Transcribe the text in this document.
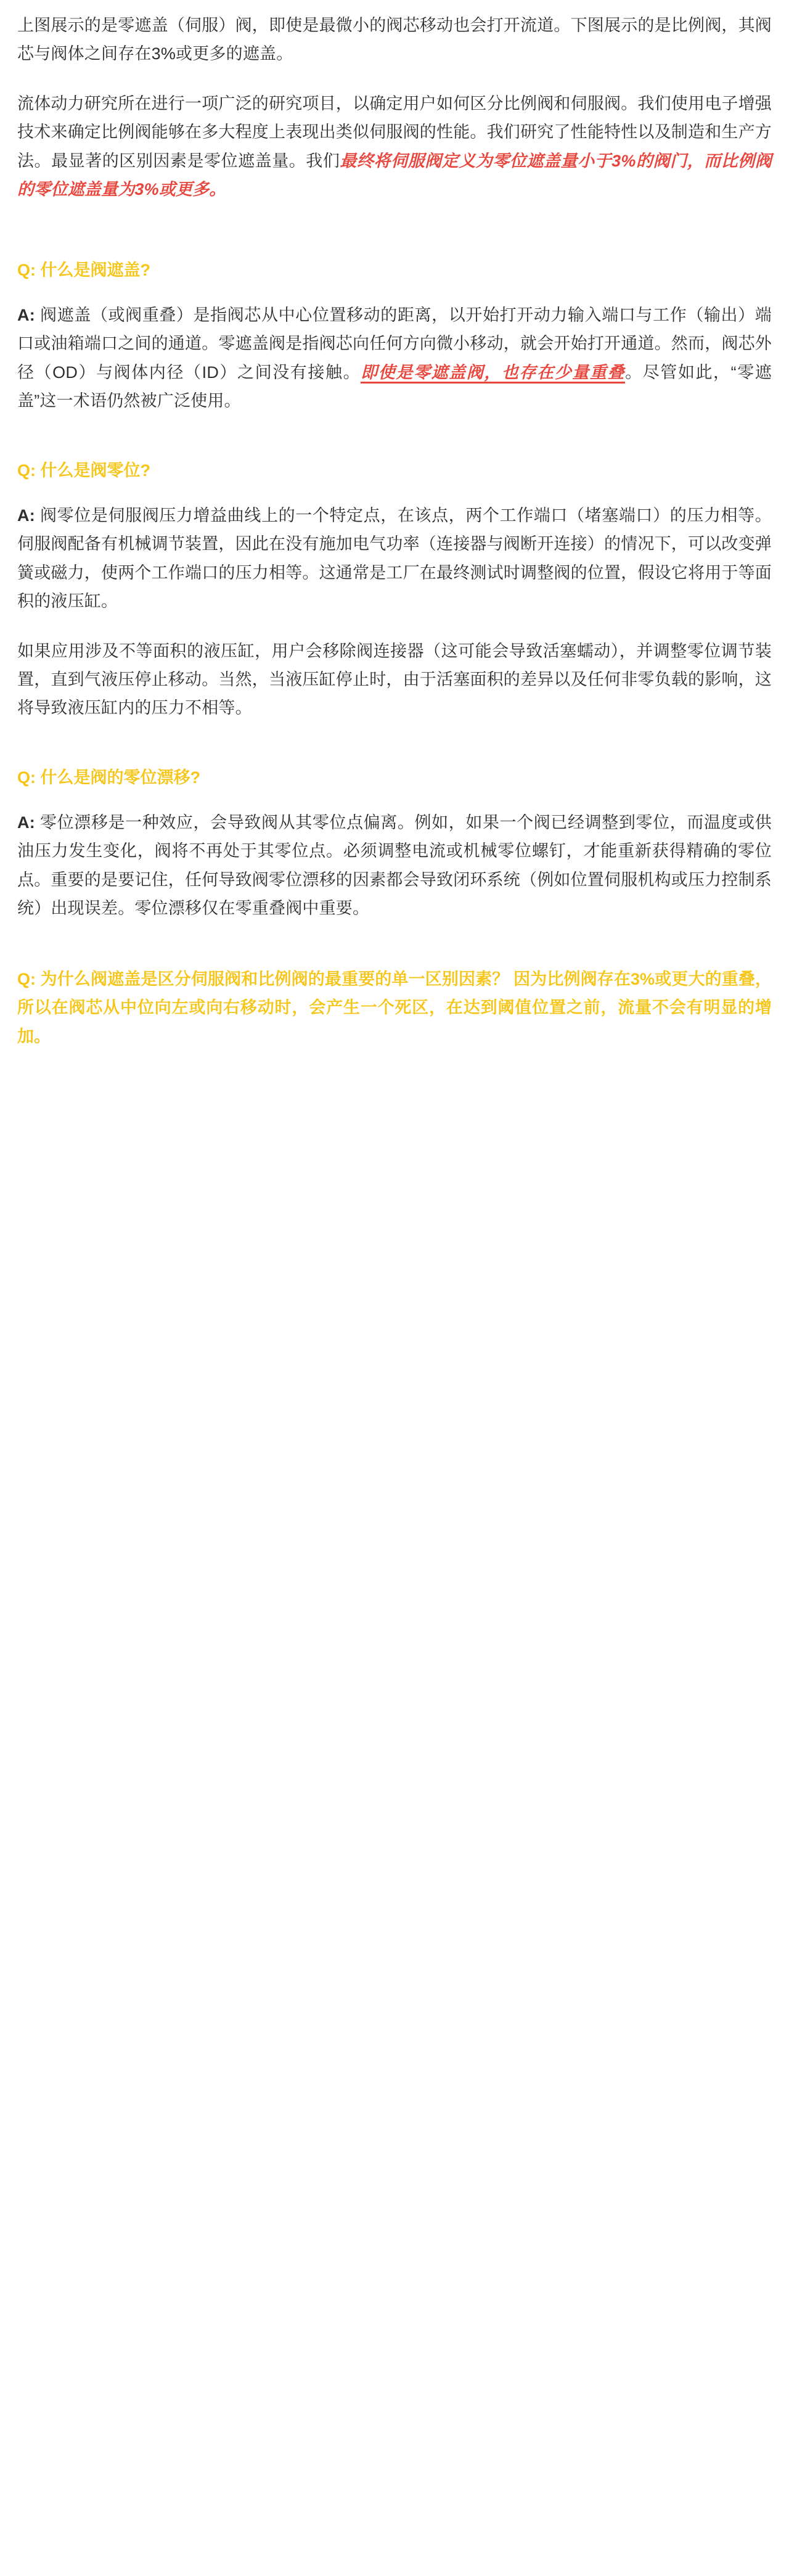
上图展示的是零遮盖（伺服）阀，即使是最微小的阀芯移动也会打开流道。下图展示的是比例阀，其阀芯与阀体之间存在3%或更多的遮盖。

流体动力研究所在进行一项广泛的研究项目，以确定用户如何区分比例阀和伺服阀。我们使用电子增强技术来确定比例阀能够在多大程度上表现出类似伺服阀的性能。我们研究了性能特性以及制造和生产方法。最显著的区别因素是零位遮盖量。我们最终将伺服阀定义为零位遮盖量小于3%的阀门，而比例阀的零位遮盖量为3%或更多。

Q: 什么是阀遮盖?

A: 阀遮盖（或阀重叠）是指阀芯从中心位置移动的距离，以开始打开动力输入端口与工作（输出）端口或油箱端口之间的通道。零遮盖阀是指阀芯向任何方向微小移动，就会开始打开通道。然而，阀芯外径（OD）与阀体内径（ID）之间没有接触。即使是零遮盖阀，也存在少量重叠。尽管如此，“零遮盖”这一术语仍然被广泛使用。

Q: 什么是阀零位?

A: 阀零位是伺服阀压力增益曲线上的一个特定点，在该点，两个工作端口（堵塞端口）的压力相等。伺服阀配备有机械调节装置，因此在没有施加电气功率（连接器与阀断开连接）的情况下，可以改变弹簧或磁力，使两个工作端口的压力相等。这通常是工厂在最终测试时调整阀的位置，假设它将用于等面积的液压缸。

如果应用涉及不等面积的液压缸，用户会移除阀连接器（这可能会导致活塞蠕动），并调整零位调节装置，直到气液压停止移动。当然，当液压缸停止时，由于活塞面积的差异以及任何非零负载的影响，这将导致液压缸内的压力不相等。

Q: 什么是阀的零位漂移?

A: 零位漂移是一种效应，会导致阀从其零位点偏离。例如，如果一个阀已经调整到零位，而温度或供油压力发生变化，阀将不再处于其零位点。必须调整电流或机械零位螺钉，才能重新获得精确的零位点。重要的是要记住，任何导致阀零位漂移的因素都会导致闭环系统（例如位置伺服机构或压力控制系统）出现误差。零位漂移仅在零重叠阀中重要。

Q: 为什么阀遮盖是区分伺服阀和比例阀的最重要的单一区别因素？ 因为比例阀存在3%或更大的重叠，所以在阀芯从中位向左或向右移动时，会产生一个死区，在达到阈值位置之前，流量不会有明显的增加。
